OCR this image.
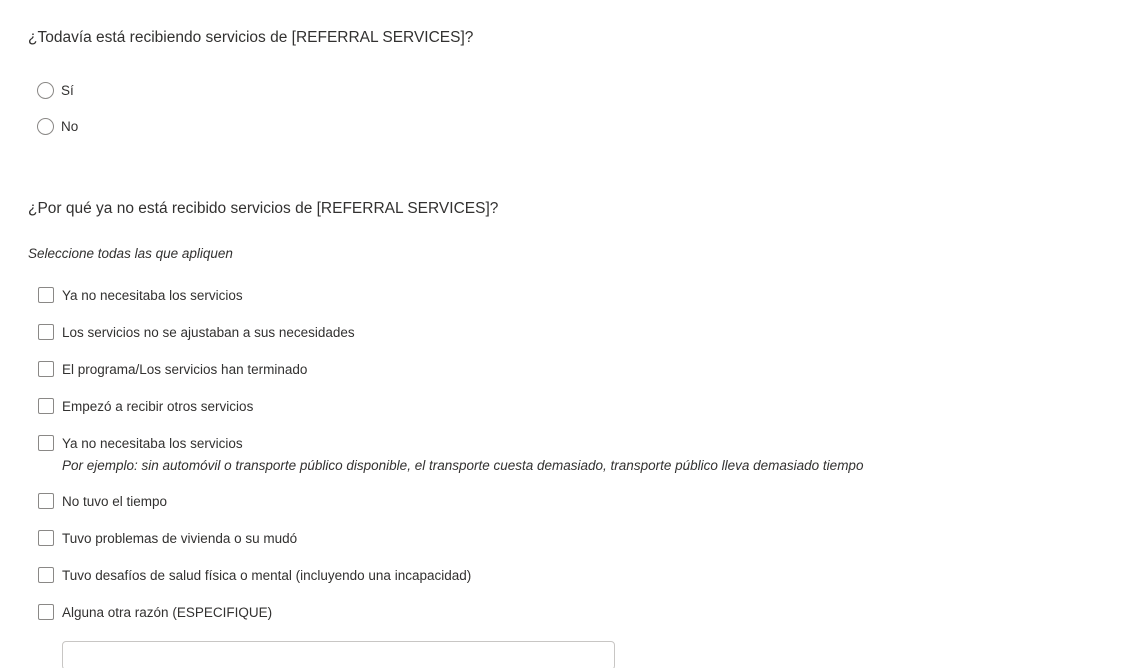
¿Todavía está recibiendo servicios de [REFERRAL SERVICES]?
Sí
No
¿Por qué ya no está recibido servicios de [REFERRAL SERVICES]?
Seleccione todas las que apliquen
Ya no necesitaba los servicios
Los servicios no se ajustaban a sus necesidades
El programa/Los servicios han terminado
Empezó a recibir otros servicios
Ya no necesitaba los servicios
Por ejemplo: sin automóvil o transporte público disponible, el transporte cuesta demasiado, transporte público lleva demasiado tiempo
No tuvo el tiempo
Tuvo problemas de vivienda o su mudó
Tuvo desafíos de salud física o mental (incluyendo una incapacidad)
Alguna otra razón (ESPECIFIQUE)
